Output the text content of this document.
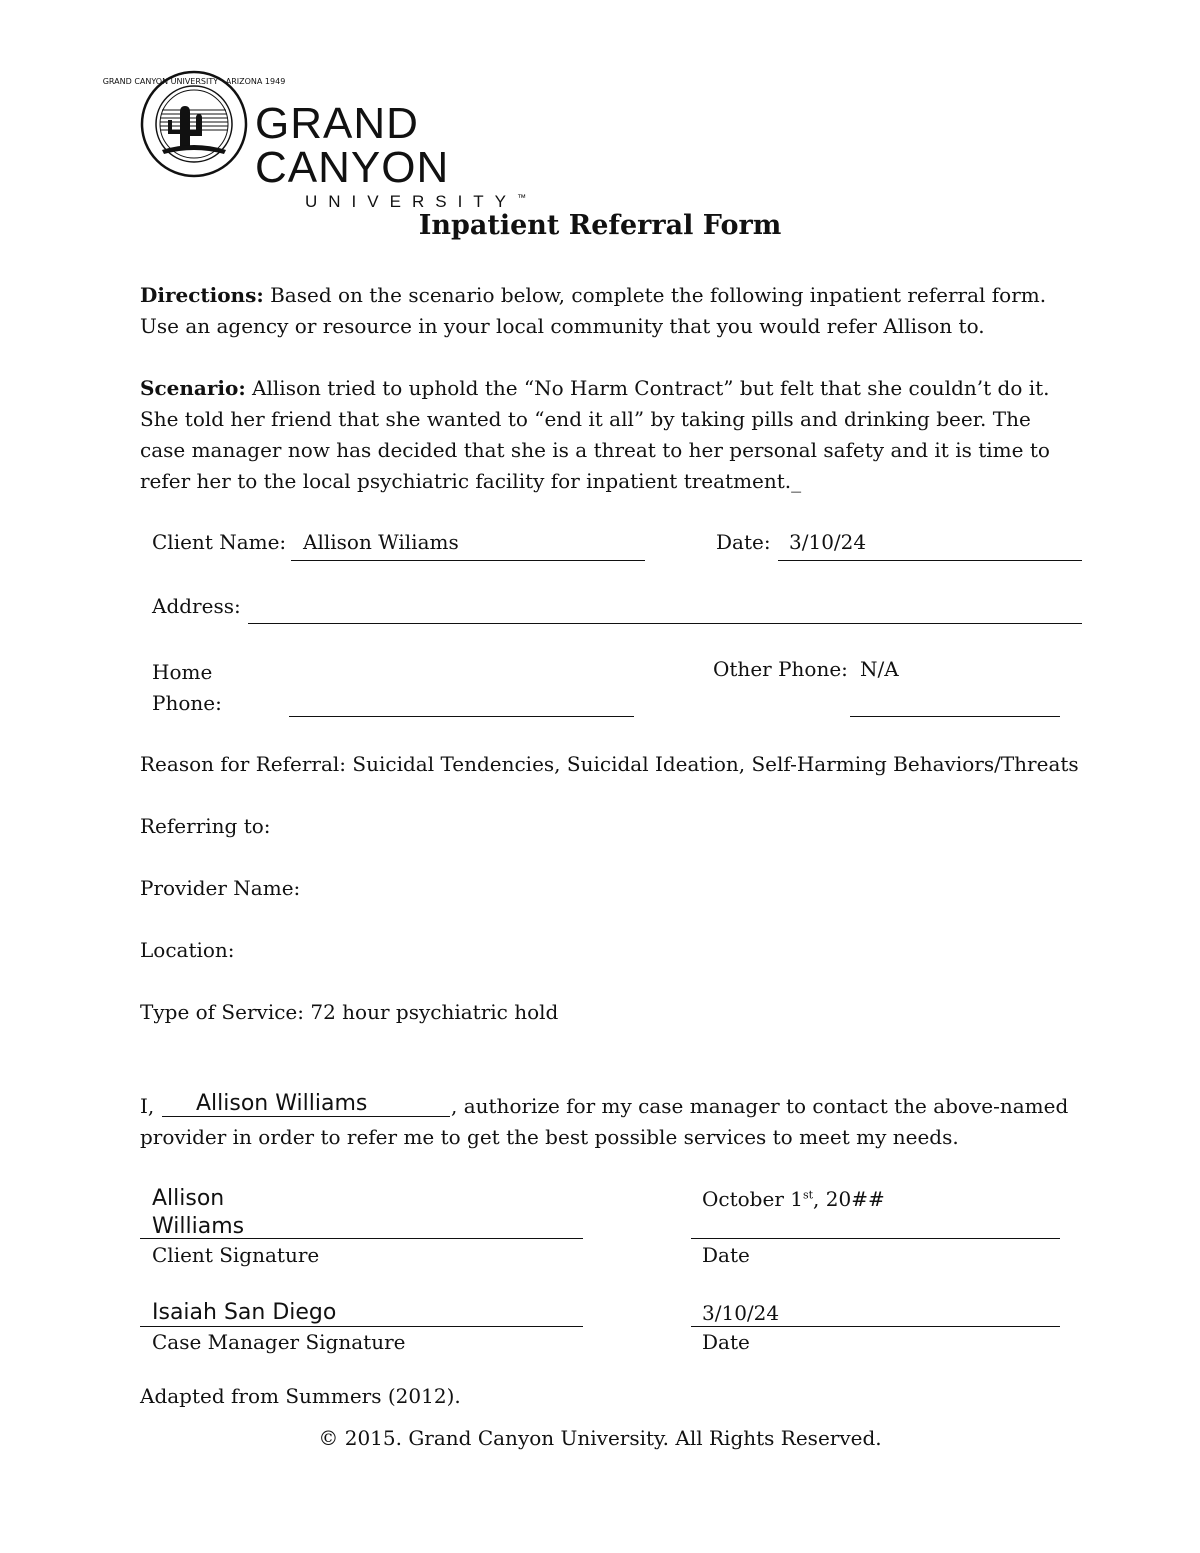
GRAND CANYON UNIVERSITY · ARIZONA 1949
GRAND CANYON
UNIVERSITY™
Inpatient Referral Form
Directions: Based on the scenario below, complete the following inpatient referral form. Use an agency or resource in your local community that you would refer Allison to.
Scenario: Allison tried to uphold the “No Harm Contract” but felt that she couldn’t do it. She told her friend that she wanted to “end it all” by taking pills and drinking beer. The case manager now has decided that she is a threat to her personal safety and it is time to refer her to the local psychiatric facility for inpatient treatment._
Client Name: Allison Wiliams	Date: 3/10/24
Address:
Home
Phone:
Other Phone: N/A
Reason for Referral: Suicidal Tendencies, Suicidal Ideation, Self-Harming Behaviors/Threats
Referring to:
Provider Name:
Location:
Type of Service: 72 hour psychiatric hold
I, Allison Williams	, authorize for my case manager to contact the above-named
provider in order to refer me to get the best possible services to meet my needs.
Allison
Williams
Client Signature
October 1st, 20##
Date
Isaiah San Diego
Case Manager Signature
3/10/24
Date
Adapted from Summers (2012).
© 2015. Grand Canyon University. All Rights Reserved.
